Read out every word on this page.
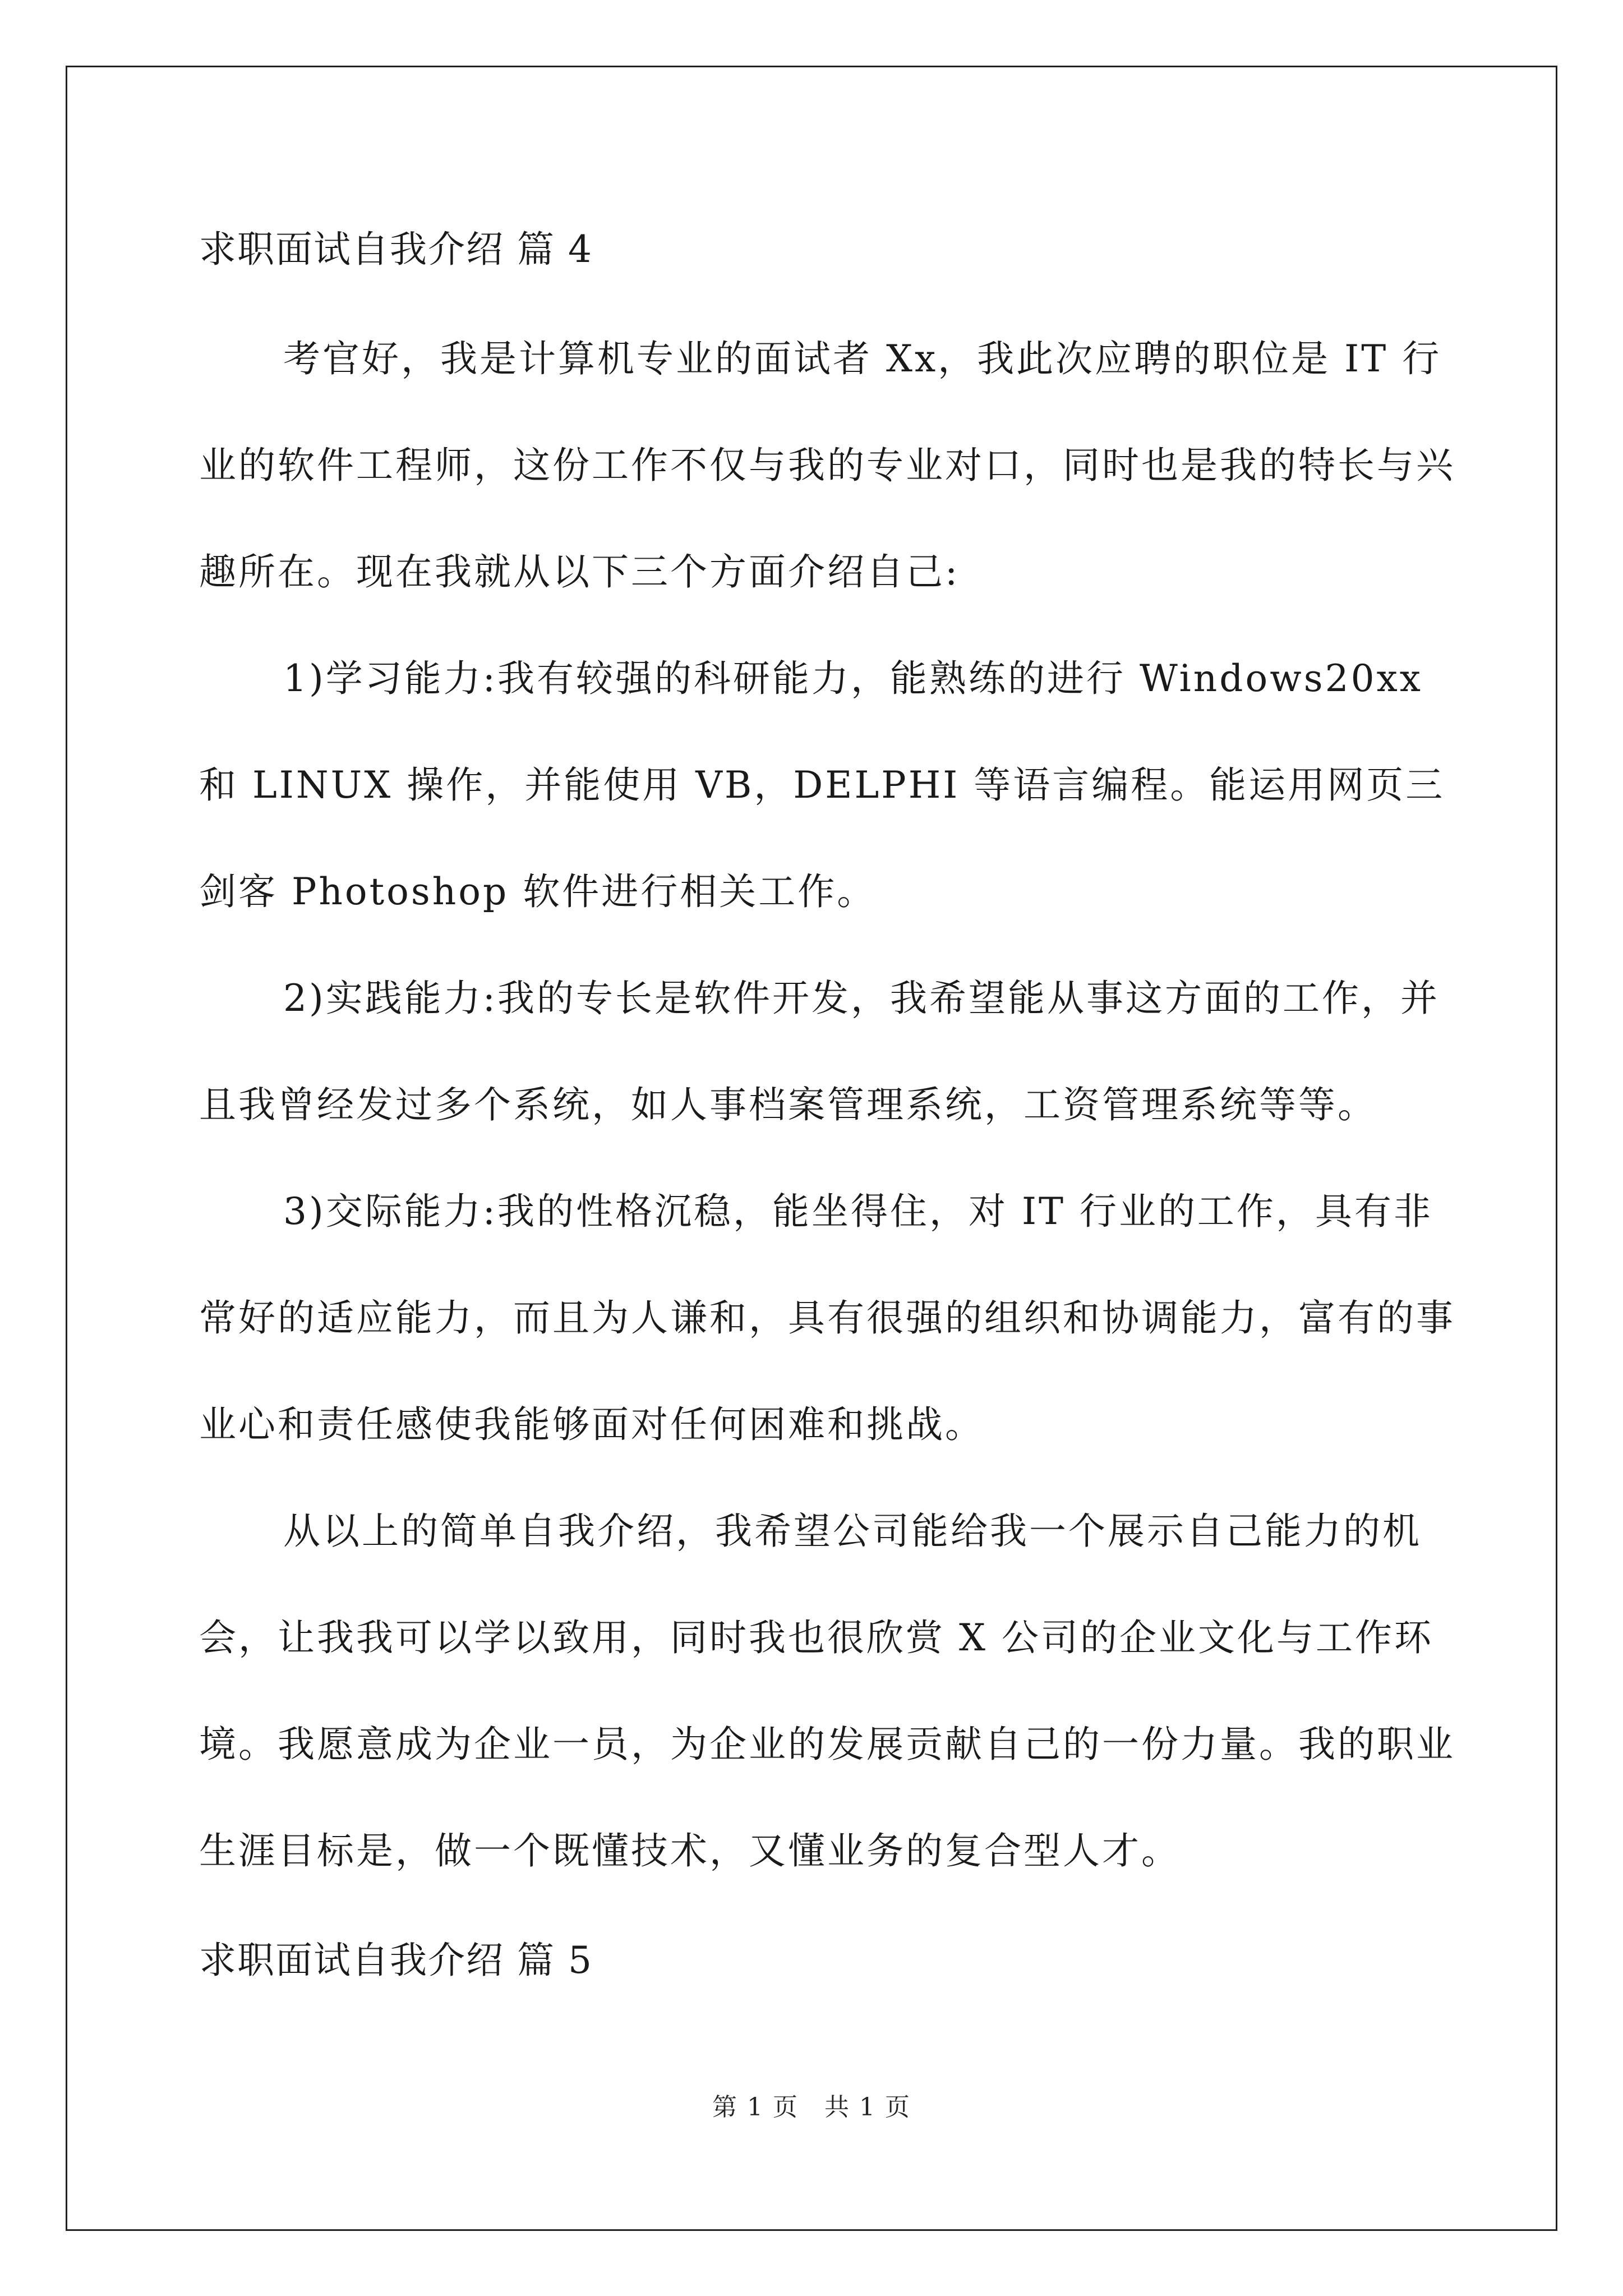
求职面试自我介绍 篇 4

考官好，我是计算机专业的面试者 Xx，我此次应聘的职位是 IT 行业的软件工程师，这份工作不仅与我的专业对口，同时也是我的特长与兴趣所在。现在我就从以下三个方面介绍自己:

1)学习能力:我有较强的科研能力，能熟练的进行 Windows20xx 和 LINUX 操作，并能使用 VB，DELPHI 等语言编程。能运用网页三剑客 Photoshop 软件进行相关工作。

2)实践能力:我的专长是软件开发，我希望能从事这方面的工作，并且我曾经发过多个系统，如人事档案管理系统，工资管理系统等等。

3)交际能力:我的性格沉稳，能坐得住，对 IT 行业的工作，具有非常好的适应能力，而且为人谦和，具有很强的组织和协调能力，富有的事业心和责任感使我能够面对任何困难和挑战。

从以上的简单自我介绍，我希望公司能给我一个展示自己能力的机会，让我我可以学以致用，同时我也很欣赏 X 公司的企业文化与工作环境。我愿意成为企业一员，为企业的发展贡献自己的一份力量。我的职业生涯目标是，做一个既懂技术，又懂业务的复合型人才。

求职面试自我介绍 篇 5
第 1 页　共 1 页
